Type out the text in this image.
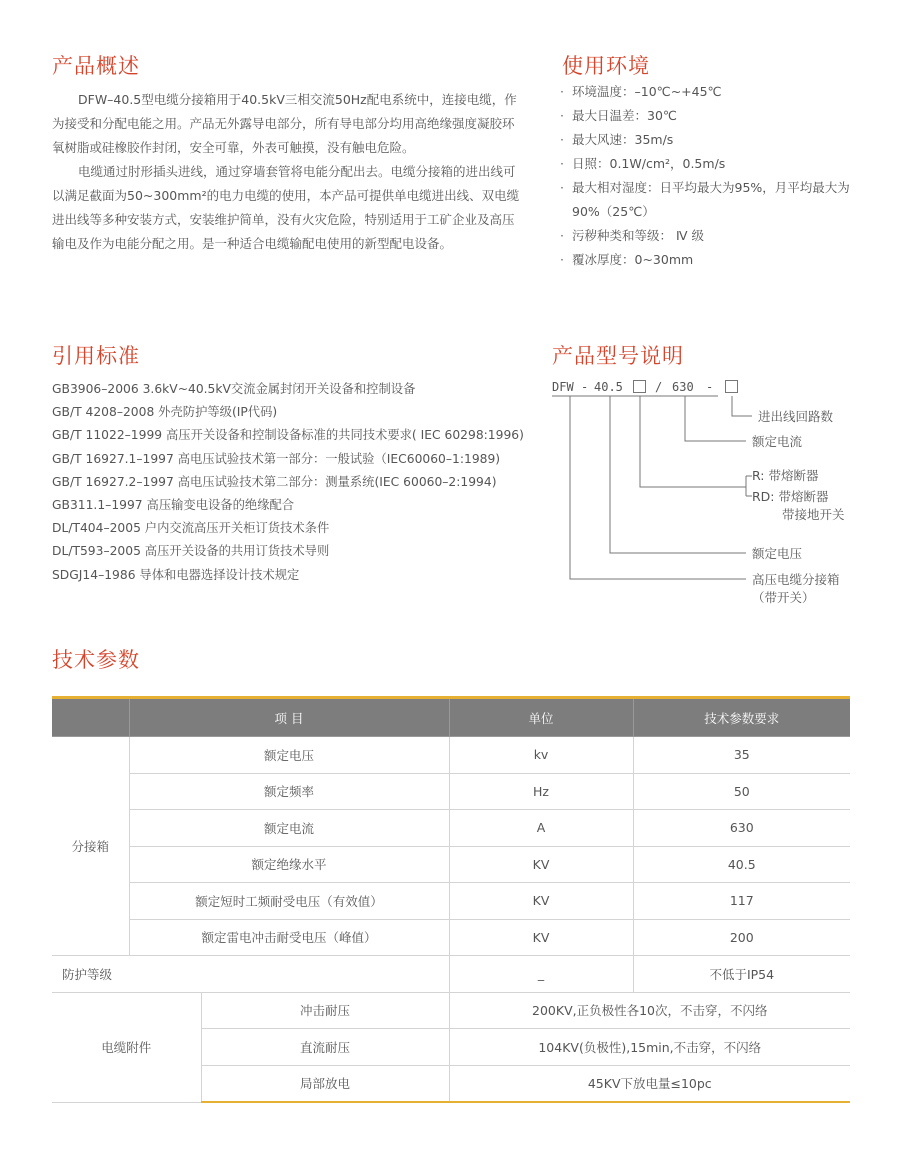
产品概述

DFW–40.5型电缆分接箱用于40.5kV三相交流50Hz配电系统中，连接电缆，作为接受和分配电能之用。产品无外露导电部分，所有导电部分均用高绝缘强度凝胶环氧树脂或硅橡胶作封闭，安全可靠，外表可触摸，没有触电危险。

电缆通过肘形插头进线，通过穿墙套管将电能分配出去。电缆分接箱的进出线可以满足截面为50~300mm²的电力电缆的使用，本产品可提供单电缆进出线、双电缆进出线等多种安装方式，安装维护简单，没有火灾危险，特别适用于工矿企业及高压输电及作为电能分配之用。是一种适合电缆输配电使用的新型配电设备。

使用环境
· 环境温度：–10℃~+45℃
· 最大日温差：30℃
· 最大风速：35m/s
· 日照：0.1W/cm²，0.5m/s
· 最大相对湿度：日平均最大为95%，月平均最大为90%（25℃）
· 污秽种类和等级： Ⅳ 级
· 覆冰厚度：0~30mm
引用标准
GB3906–2006 3.6kV~40.5kV交流金属封闭开关设备和控制设备
GB/T 4208–2008 外壳防护等级(IP代码)
GB/T 11022–1999 高压开关设备和控制设备标准的共同技术要求( IEC 60298:1996)
GB/T 16927.1–1997 高电压试验技术第一部分：一般试验（IEC60060–1:1989)
GB/T 16927.2–1997 高电压试验技术第二部分：测量系统(IEC 60060–2:1994)
GB311.1–1997 高压输变电设备的绝缘配合
DL/T404–2005 户内交流高压开关柜订货技术条件
DL/T593–2005 高压开关设备的共用订货技术导则
SDGJ14–1986 导体和电器选择设计技术规定
产品型号说明
DFW - 40.5	/ 630 -
进出线回路数
额定电流
R: 带熔断器
RD: 带熔断器
带接地开关
额定电压
高压电缆分接箱
（带开关）
技术参数
	项 目		单位	技术参数要求
分接箱	额定电压		kv	35
	额定频率		Hz	50
	额定电流		A	630
	额定绝缘水平		KV	40.5
	额定短时工频耐受电压（有效值）		KV	117
	额定雷电冲击耐受电压（峰值）		KV	200
防护等级			_	不低于IP54
电缆附件		冲击耐压	200KV,正负极性各10次，不击穿，不闪络	
		直流耐压	104KV(负极性),15min,不击穿，不闪络	
		局部放电	45KV下放电量≤10pc	
